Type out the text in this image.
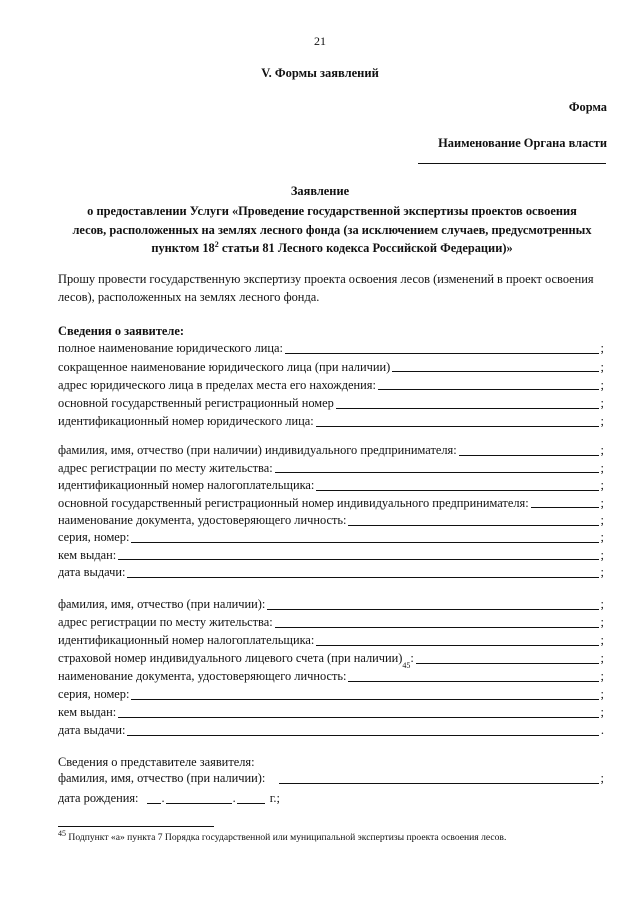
21
V. Формы заявлений
Форма
Наименование Органа власти
Заявление
о предоставлении Услуги «Проведение государственной экспертизы проектов освоения
лесов, расположенных на землях лесного фонда (за исключением случаев, предусмотренных
пунктом $18^2$ статьи 81 Лесного кодекса Российской Федерации)»
Прошу провести государственную экспертизу проекта освоения лесов (изменений в проект освоения лесов), расположенных на землях лесного фонда.
Сведения о заявителе:
полное наименование юридического лица:	;
сокращенное наименование юридического лица (при наличии)	;
адрес юридического лица в пределах места его нахождения:	;
основной государственный регистрационный номер	;
идентификационный номер юридического лица:	;
фамилия, имя, отчество (при наличии) индивидуального предпринимателя:	;
адрес регистрации по месту жительства:	;
идентификационный номер налогоплательщика:	;
основной государственный регистрационный номер индивидуального предпринимателя:	;
наименование документа, удостоверяющего личность:	;
серия, номер:	;
кем выдан:	;
дата выдачи:	;
фамилия, имя, отчество (при наличии):	;
адрес регистрации по месту жительства:	;
идентификационный номер налогоплательщика:	;
страховой номер индивидуального лицевого счета (при наличии)
45
:	;
наименование документа, удостоверяющего личность:	;
серия, номер:	;
кем выдан:	;
дата выдачи:	.
Сведения о представителе заявителя:
фамилия, имя, отчество (при наличии):	;
дата рождения: .	.	г.;
$^{45}$ Подпункт «а» пункта 7 Порядка государственной или муниципальной экспертизы проекта освоения лесов.
